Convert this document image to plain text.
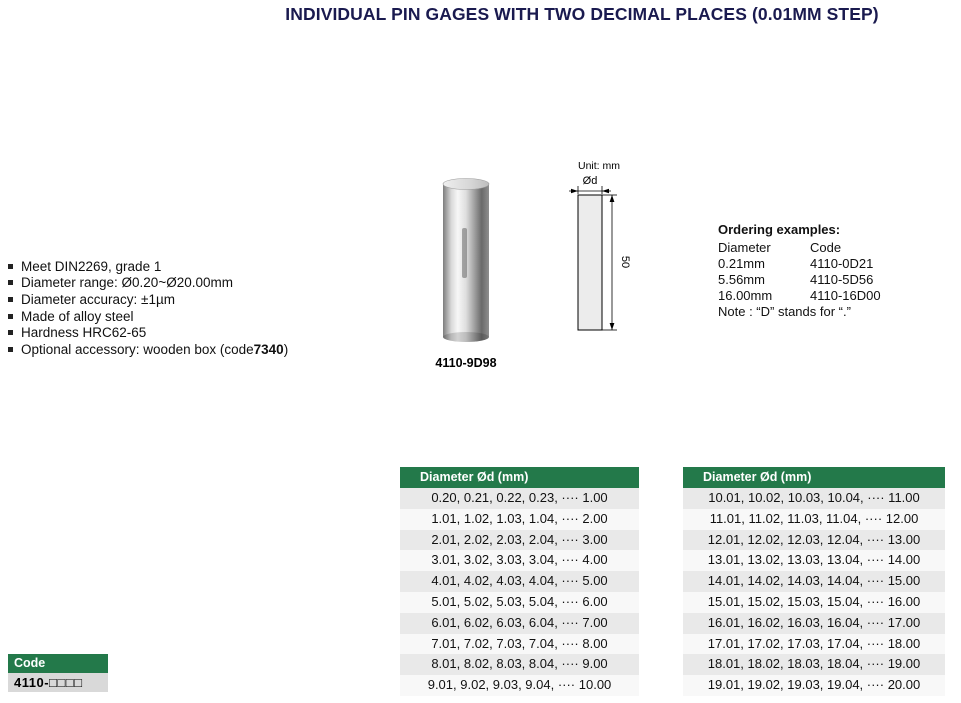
INDIVIDUAL PIN GAGES WITH TWO DECIMAL PLACES (0.01MM STEP)
Meet DIN2269, grade 1
Diameter range: Ø0.20~Ø20.00mm
Diameter accuracy: ±1µm
Made of alloy steel
Hardness HRC62-65
Optional accessory: wooden box (code 7340 )
4110-9D98
Unit: mm
Ød
50
Ordering examples:
Diameter	Code
0.21mm	4110-0D21
5.56mm	4110-5D56
16.00mm	4110-16D00
Note : “D” stands for “.”
Diameter Ød (mm)
0.20, 0.21, 0.22, 0.23, ···· 1.00
1.01, 1.02, 1.03, 1.04, ···· 2.00
2.01, 2.02, 2.03, 2.04, ···· 3.00
3.01, 3.02, 3.03, 3.04, ···· 4.00
4.01, 4.02, 4.03, 4.04, ···· 5.00
5.01, 5.02, 5.03, 5.04, ···· 6.00
6.01, 6.02, 6.03, 6.04, ···· 7.00
7.01, 7.02, 7.03, 7.04, ···· 8.00
8.01, 8.02, 8.03, 8.04, ···· 9.00
9.01, 9.02, 9.03, 9.04, ···· 10.00
Diameter Ød (mm)
10.01, 10.02, 10.03, 10.04, ···· 11.00
11.01, 11.02, 11.03, 11.04, ···· 12.00
12.01, 12.02, 12.03, 12.04, ···· 13.00
13.01, 13.02, 13.03, 13.04, ···· 14.00
14.01, 14.02, 14.03, 14.04, ···· 15.00
15.01, 15.02, 15.03, 15.04, ···· 16.00
16.01, 16.02, 16.03, 16.04, ···· 17.00
17.01, 17.02, 17.03, 17.04, ···· 18.00
18.01, 18.02, 18.03, 18.04, ···· 19.00
19.01, 19.02, 19.03, 19.04, ···· 20.00
Code
4110-□□□□
